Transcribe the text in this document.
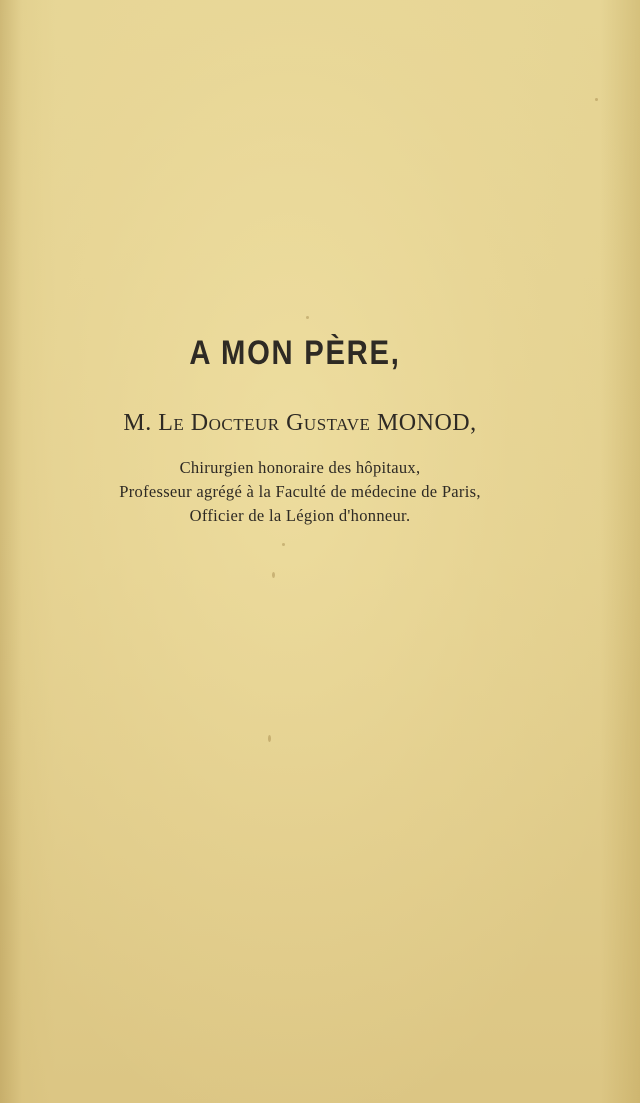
A MON PÈRE,
M. Le Docteur Gustave MONOD,
Chirurgien honoraire des hôpitaux,
Professeur agrégé à la Faculté de médecine de Paris,
Officier de la Légion d'honneur.
